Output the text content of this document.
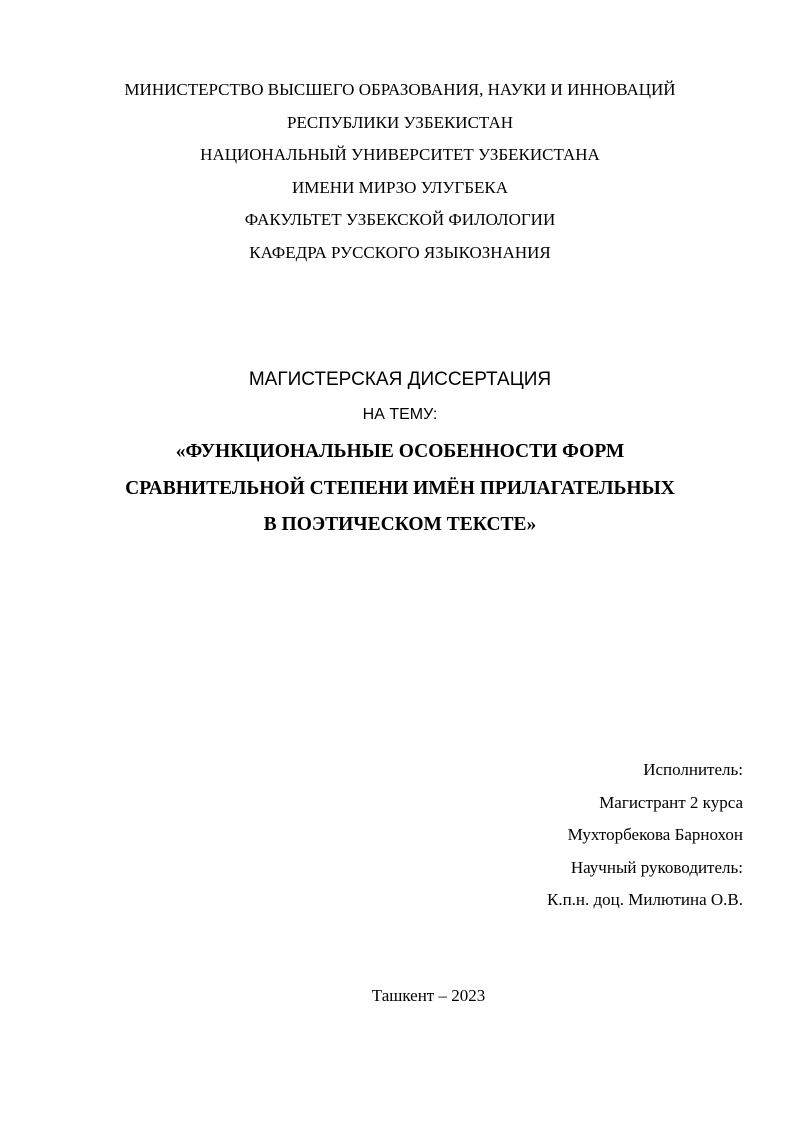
МИНИСТЕРСТВО ВЫСШЕГО ОБРАЗОВАНИЯ, НАУКИ И ИННОВАЦИЙ
РЕСПУБЛИКИ УЗБЕКИСТАН
НАЦИОНАЛЬНЫЙ УНИВЕРСИТЕТ УЗБЕКИСТАНА
ИМЕНИ МИРЗО УЛУГБЕКА
ФАКУЛЬТЕТ УЗБЕКСКОЙ ФИЛОЛОГИИ
КАФЕДРА РУССКОГО ЯЗЫКОЗНАНИЯ
МАГИСТЕРСКАЯ ДИССЕРТАЦИЯ
НА ТЕМУ:
«ФУНКЦИОНАЛЬНЫЕ ОСОБЕННОСТИ ФОРМ
СРАВНИТЕЛЬНОЙ СТЕПЕНИ ИМЁН ПРИЛАГАТЕЛЬНЫХ
В ПОЭТИЧЕСКОМ ТЕКСТЕ»
Исполнитель:
Магистрант 2 курса
Мухторбекова Барнохон
Научный руководитель:
К.п.н. доц. Милютина О.В.
Ташкент – 2023
